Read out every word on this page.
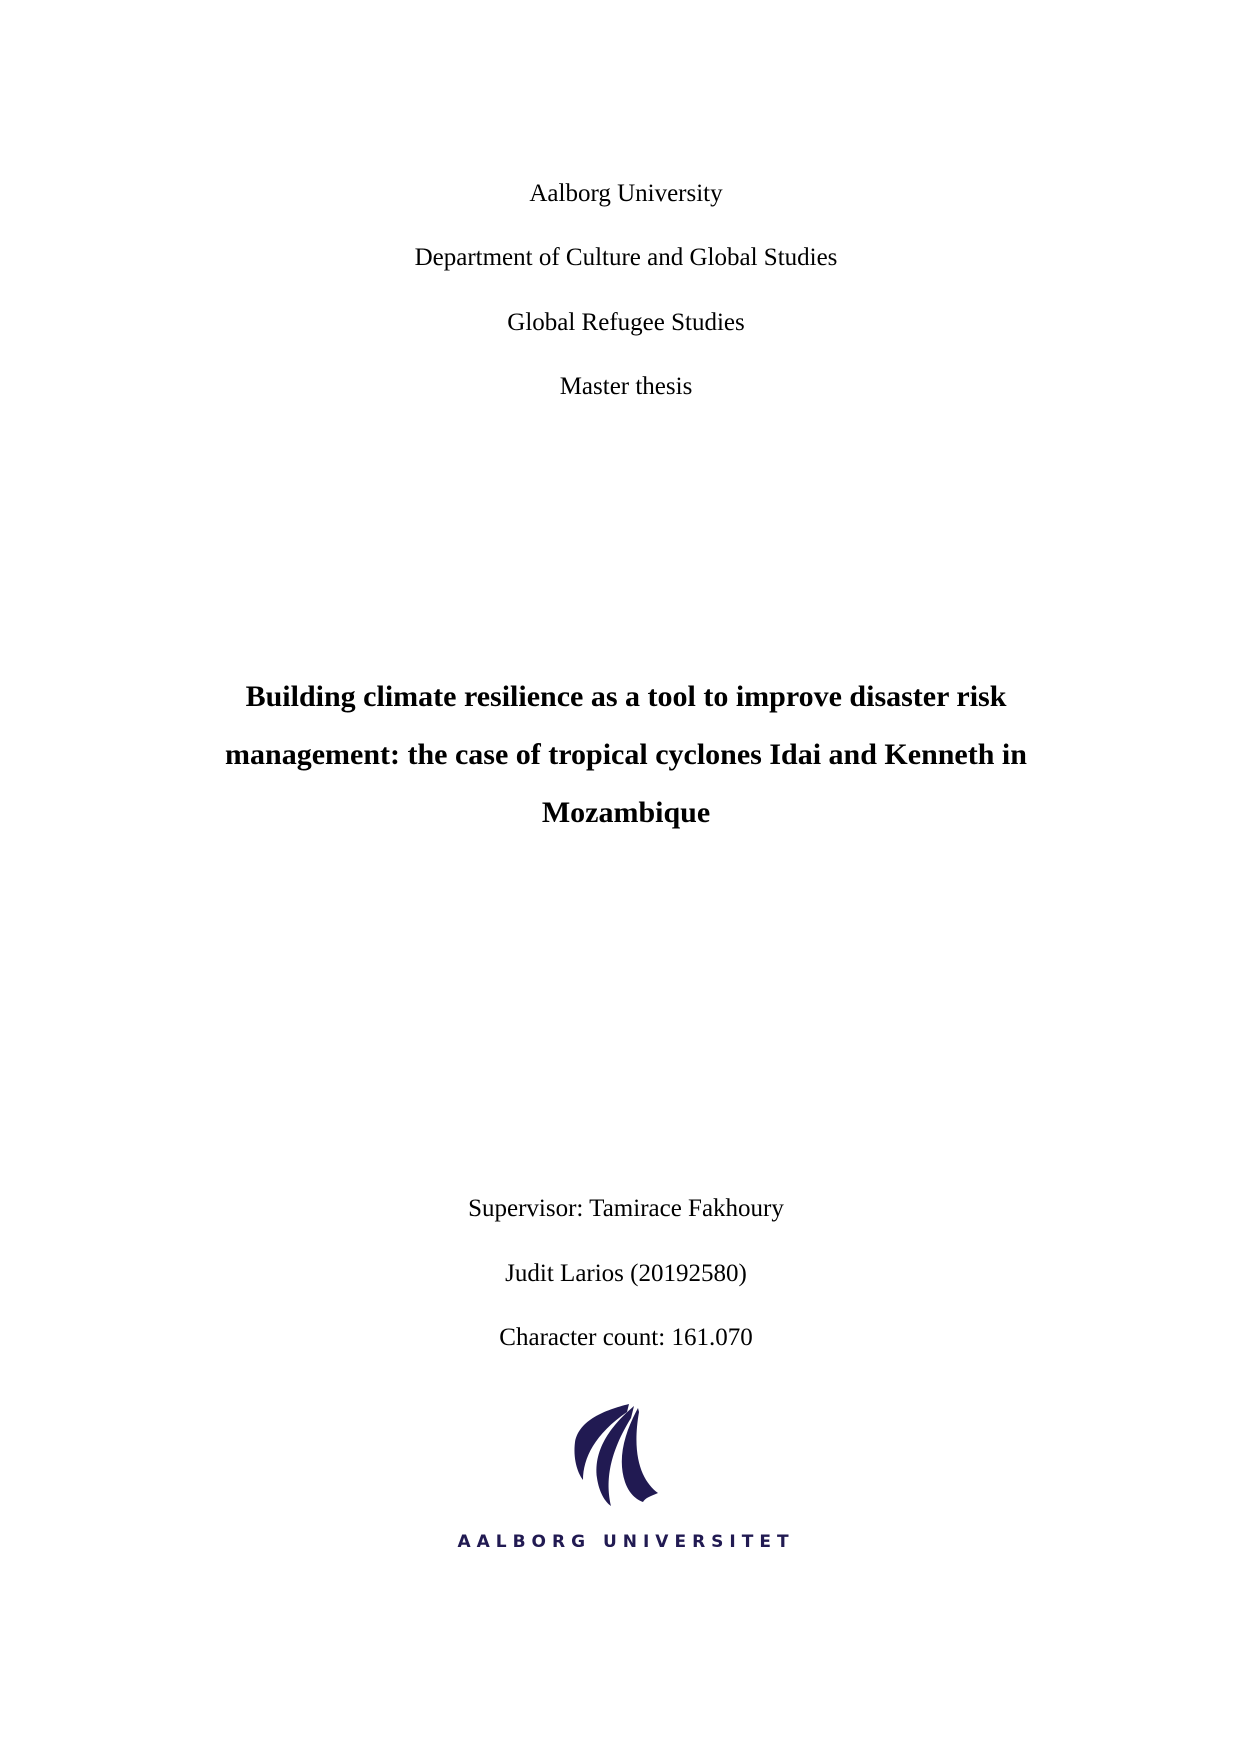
Aalborg University
Department of Culture and Global Studies
Global Refugee Studies
Master thesis
Building climate resilience as a tool to improve disaster risk management: the case of tropical cyclones Idai and Kenneth in Mozambique
Supervisor: Tamirace Fakhoury
Judit Larios (20192580)
Character count: 161.070
AALBORG UNIVERSITET
